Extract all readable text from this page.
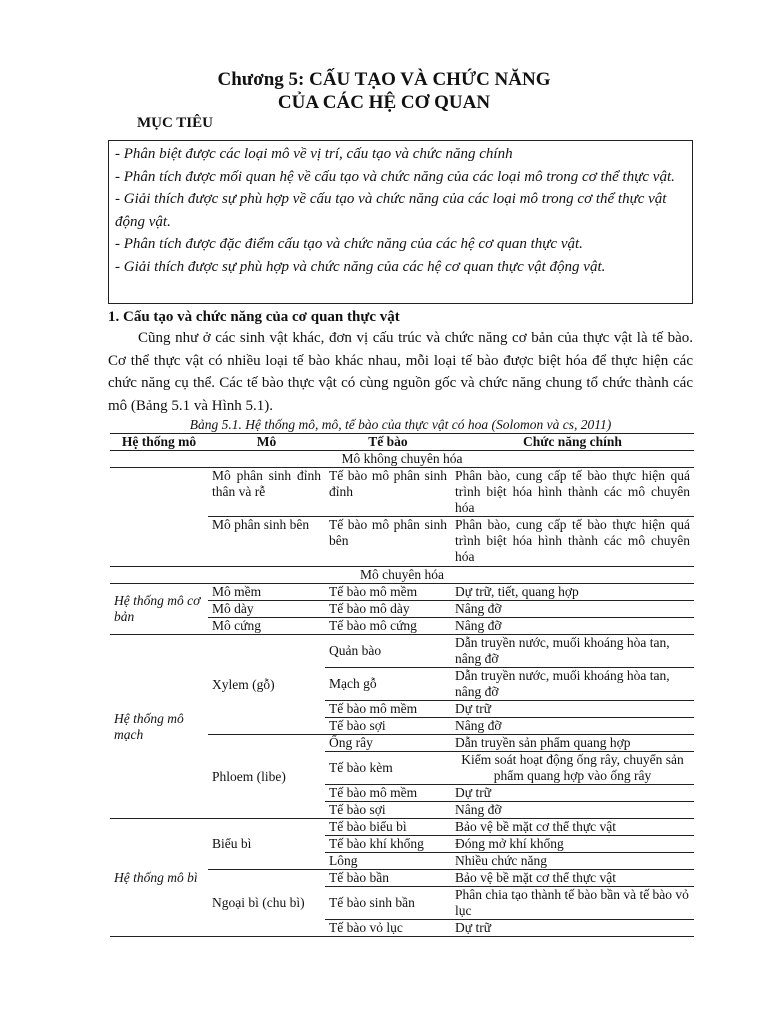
Chương 5: CẤU TẠO VÀ CHỨC NĂNG
CỦA CÁC HỆ CƠ QUAN
MỤC TIÊU
- Phân biệt được các loại mô về vị trí, cấu tạo và chức năng chính
- Phân tích được mối quan hệ về cấu tạo và chức năng của các loại mô trong cơ thể thực vật.
- Giải thích được sự phù hợp về cấu tạo và chức năng của các loại mô trong cơ thể thực vật động vật.
- Phân tích được đặc điểm cấu tạo và chức năng của các hệ cơ quan thực vật.
- Giải thích được sự phù hợp và chức năng của các hệ cơ quan thực vật động vật.
1. Cấu tạo và chức năng của cơ quan thực vật

Cũng như ở các sinh vật khác, đơn vị cấu trúc và chức năng cơ bản của thực vật là tế bào. Cơ thể thực vật có nhiều loại tế bào khác nhau, mỗi loại tế bào được biệt hóa để thực hiện các chức năng cụ thể. Các tế bào thực vật có cùng nguồn gốc và chức năng chung tổ chức thành các mô (Bảng 5.1 và Hình 5.1).

Bảng 5.1. Hệ thống mô, mô, tế bào của thực vật có hoa (Solomon và cs, 2011)
Hệ thống mô	Mô	Tế bào	Chức năng chính
Mô không chuyên hóa			
	Mô phân sinh đỉnh thân và rễ	Tế bào mô phân sinh đỉnh	Phân bào, cung cấp tế bào thực hiện quá trình biệt hóa hình thành các mô chuyên hóa
	Mô phân sinh bên	Tế bào mô phân sinh bên	Phân bào, cung cấp tế bào thực hiện quá trình biệt hóa hình thành các mô chuyên hóa
Mô chuyên hóa			
Hệ thống mô cơ bản	Mô mềm	Tế bào mô mềm	Dự trữ, tiết, quang hợp
	Mô dày	Tế bào mô dày	Nâng đỡ
	Mô cứng	Tế bào mô cứng	Nâng đỡ
Hệ thống mô mạch	Xylem (gỗ)	Quản bào	Dẫn truyền nước, muối khoáng hòa tan, nâng đỡ
		Mạch gỗ	Dẫn truyền nước, muối khoáng hòa tan, nâng đỡ
		Tế bào mô mềm	Dự trữ
		Tế bào sợi	Nâng đỡ
	Phloem (libe)	Ống rây	Dẫn truyền sản phẩm quang hợp
		Tế bào kèm	Kiểm soát hoạt động ống rây, chuyển sản phẩm quang hợp vào ống rây
		Tế bào mô mềm	Dự trữ
		Tế bào sợi	Nâng đỡ
Hệ thống mô bì	Biểu bì	Tế bào biểu bì	Bảo vệ bề mặt cơ thể thực vật
		Tế bào khí khổng	Đóng mở khí khổng
		Lông	Nhiều chức năng
	Ngoại bì (chu bì)	Tế bào bần	Bảo vệ bề mặt cơ thể thực vật
		Tế bào sinh bần	Phân chia tạo thành tế bào bần và tế bào vỏ lục
		Tế bào vỏ lục	Dự trữ
